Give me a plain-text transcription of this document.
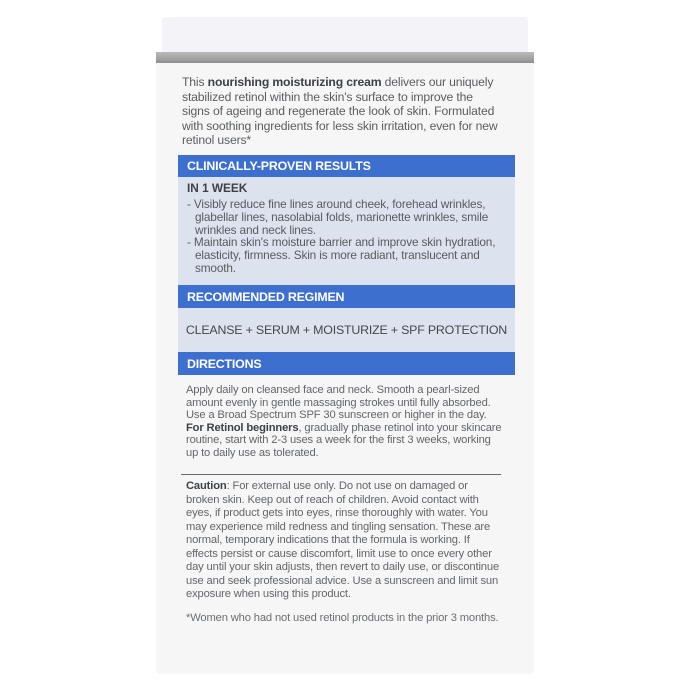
This nourishing moisturizing cream delivers our uniquely stabilized retinol within the skin's surface to improve the signs of ageing and regenerate the look of skin. Formulated with soothing ingredients for less skin irritation, even for new retinol users*

CLINICALLY-PROVEN RESULTS
IN 1 WEEK
- Visibly reduce fine lines around cheek, forehead wrinkles, glabellar lines, nasolabial folds, marionette wrinkles, smile wrinkles and neck lines.
- Maintain skin's moisture barrier and improve skin hydration, elasticity, firmness. Skin is more radiant, translucent and smooth.
RECOMMENDED REGIMEN
CLEANSE + SERUM + MOISTURIZE + SPF PROTECTION
DIRECTIONS
Apply daily on cleansed face and neck. Smooth a pearl-sized amount evenly in gentle massaging strokes until fully absorbed. Use a Broad Spectrum SPF 30 sunscreen or higher in the day.
For Retinol beginners, gradually phase retinol into your skincare routine, start with 2-3 uses a week for the first 3 weeks, working up to daily use as tolerated.
Caution: For external use only. Do not use on damaged or broken skin. Keep out of reach of children. Avoid contact with eyes, if product gets into eyes, rinse thoroughly with water. You may experience mild redness and tingling sensation. These are normal, temporary indications that the formula is working. If effects persist or cause discomfort, limit use to once every other day until your skin adjusts, then revert to daily use, or discontinue use and seek professional advice. Use a sunscreen and limit sun exposure when using this product.
*Women who had not used retinol products in the prior 3 months.
